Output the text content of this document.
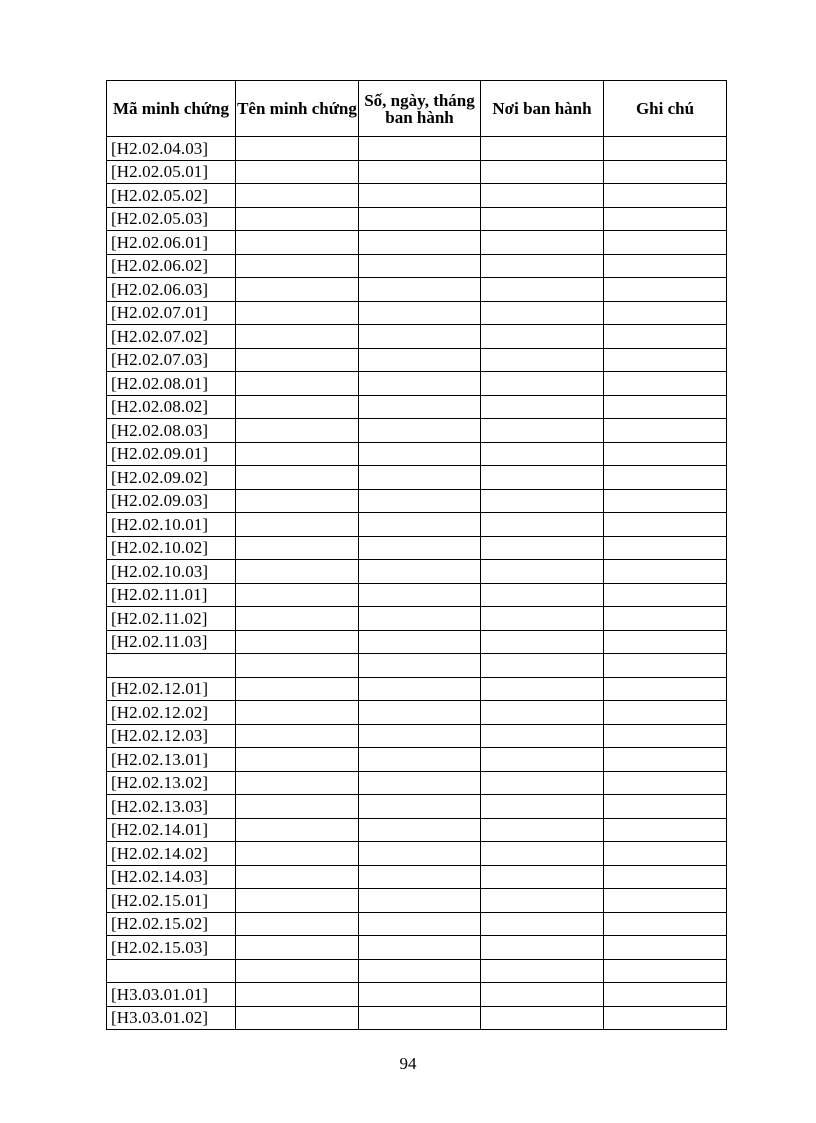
Mã minh chứng	Tên minh chứng	Số, ngày, tháng ban hành	Nơi ban hành	Ghi chú
[H2.02.04.03]				
[H2.02.05.01]				
[H2.02.05.02]				
[H2.02.05.03]				
[H2.02.06.01]				
[H2.02.06.02]				
[H2.02.06.03]				
[H2.02.07.01]				
[H2.02.07.02]				
[H2.02.07.03]				
[H2.02.08.01]				
[H2.02.08.02]				
[H2.02.08.03]				
[H2.02.09.01]				
[H2.02.09.02]				
[H2.02.09.03]				
[H2.02.10.01]				
[H2.02.10.02]				
[H2.02.10.03]				
[H2.02.11.01]				
[H2.02.11.02]				
[H2.02.11.03]				

[H2.02.12.01]				
[H2.02.12.02]				
[H2.02.12.03]				
[H2.02.13.01]				
[H2.02.13.02]				
[H2.02.13.03]				
[H2.02.14.01]				
[H2.02.14.02]				
[H2.02.14.03]				
[H2.02.15.01]				
[H2.02.15.02]				
[H2.02.15.03]				

[H3.03.01.01]				
[H3.03.01.02]				
94
